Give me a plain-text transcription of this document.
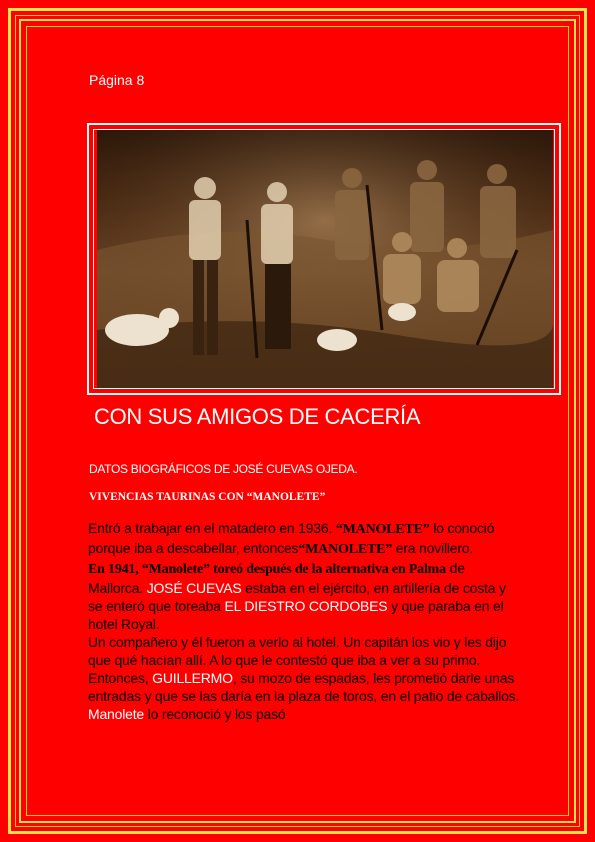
Página 8
CON SUS AMIGOS DE CACERÍA
DATOS BIOGRÁFICOS DE JOSÉ CUEVAS OJEDA.
VIVENCIAS TAURINAS CON “MANOLETE”

Entró a trabajar en el matadero en 1936. “MANOLETE” lo conoció porque iba a descabellar, entonces“MANOLETE” era novillero.

En 1941, “Manolete” toreó después de la alternativa en Palma de Mallorca. JOSÉ CUEVAS estaba en el ejército, en artillería de costa y se enteró que toreaba EL DIESTRO CORDOBES y que paraba en el hotel Royal.

Un compañero y él fueron a verlo al hotel. Un capitán los vio y les dijo que qué hacían allí. A lo que le contestó que iba a ver a su primo. Entonces, GUILLERMO, su mozo de espadas, les prometió darle unas entradas y que se las daría en la plaza de toros, en el patio de caballos. Manolete lo reconoció y los pasó
